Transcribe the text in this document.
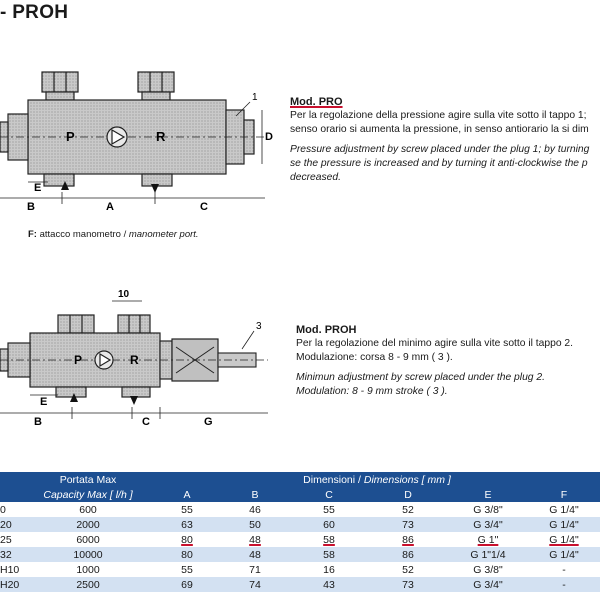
- PROH
P	R	D
1
E
B	A	C
F: attacco manometro / manometer port.
Mod. PRO
Per la regolazione della pressione agire sulla vite sotto il tappo 1;
senso orario si aumenta la pressione, in senso antiorario la si dim
Pressure adjustment by screw placed under the plug 1; by turning
se the pressure is increased and by turning it anti-clockwise the p
decreased.
10
P	R
3
E
B	C	G
Mod. PROH
Per la regolazione del minimo agire sulla vite sotto il tappo 2.
Modulazione: corsa 8 - 9 mm ( 3 ).
Minimun adjustment by screw placed under the plug 2.
Modulation: 8 - 9 mm stroke ( 3 ).
	Portata Max	Dimensioni / Dimensions [ mm ]					
	Capacity Max [ l/h ]	A	B	C	D	E	F
0	600	55	46	55	52	G 3/8"	G 1/4"
20	2000	63	50	60	73	G 3/4"	G 1/4"
25	6000	80	48	58	86	G 1"	G 1/4"
32	10000	80	48	58	86	G 1"1/4	G 1/4"
H10	1000	55	71	16	52	G 3/8"	-
H20	2500	69	74	43	73	G 3/4"	-
